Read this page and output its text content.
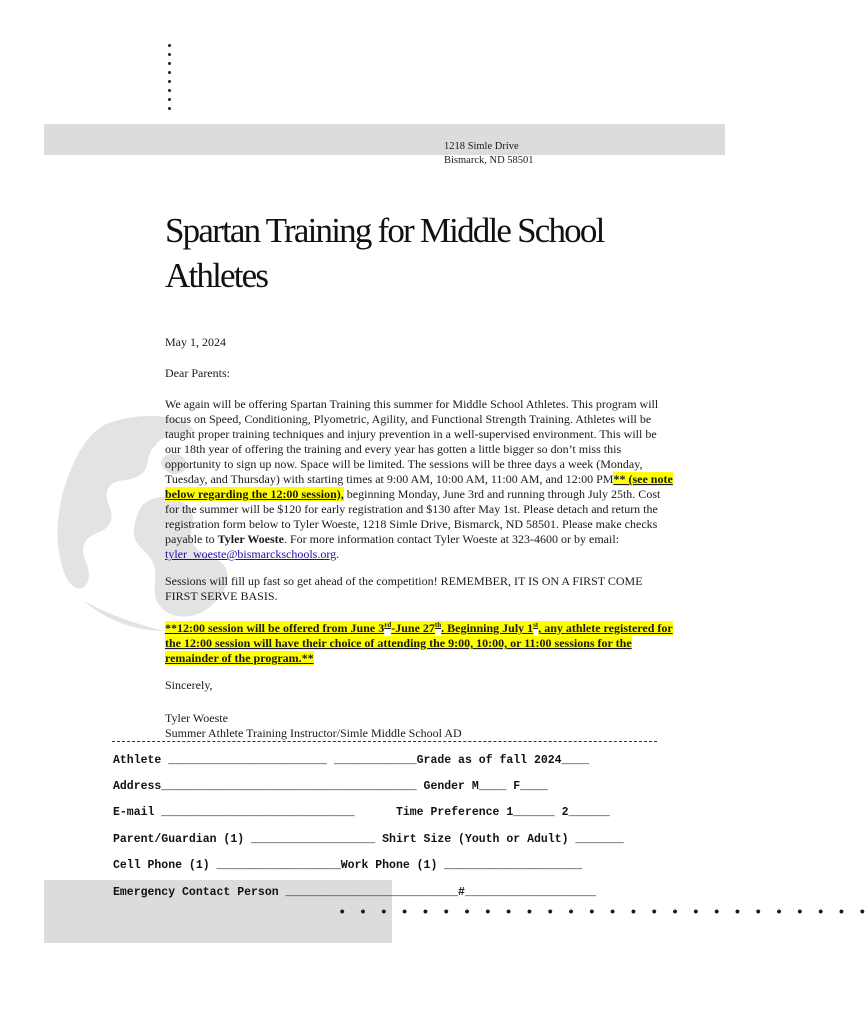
1218 Simle Drive
Bismarck, ND 58501
Spartan Training for Middle School Athletes
May 1, 2024
Dear Parents:
We again will be offering Spartan Training this summer for Middle School Athletes. This program will focus on Speed, Conditioning, Plyometric, Agility, and Functional Strength Training. Athletes will be taught proper training techniques and injury prevention in a well-supervised environment. This will be our 18th year of offering the training and every year has gotten a little bigger so don’t miss this opportunity to sign up now. Space will be limited. The sessions will be three days a week (Monday, Tuesday, and Thursday) with starting times at 9:00 AM, 10:00 AM, 11:00 AM, and 12:00 PM** (see note below regarding the 12:00 session), beginning Monday, June 3rd and running through July 25th. Cost for the summer will be $120 for early registration and $130 after May 1st. Please detach and return the registration form below to Tyler Woeste, 1218 Simle Drive, Bismarck, ND 58501. Please make checks payable to Tyler Woeste. For more information contact Tyler Woeste at 323-4600 or by email: tyler_woeste@bismarckschools.org.
Sessions will fill up fast so get ahead of the competition! REMEMBER, IT IS ON A FIRST COME FIRST SERVE BASIS.
**12:00 session will be offered from June 3rd-June 27th. Beginning July 1st, any athlete registered for the 12:00 session will have their choice of attending the 9:00, 10:00, or 11:00 sessions for the remainder of the program.**
Sincerely,
Tyler Woeste
Summer Athlete Training Instructor/Simle Middle School AD
Athlete _______________________ ____________Grade as of fall 2024____
Address_____________________________________ Gender M____ F____
E-mail ____________________________      Time Preference 1______ 2______
Parent/Guardian (1) __________________ Shirt Size (Youth or Adult) _______
Cell Phone (1) __________________Work Phone (1) ____________________
Emergency Contact Person _________________________#___________________
• • • • • • • • • • • • • • • • • • • • • • • • • •
